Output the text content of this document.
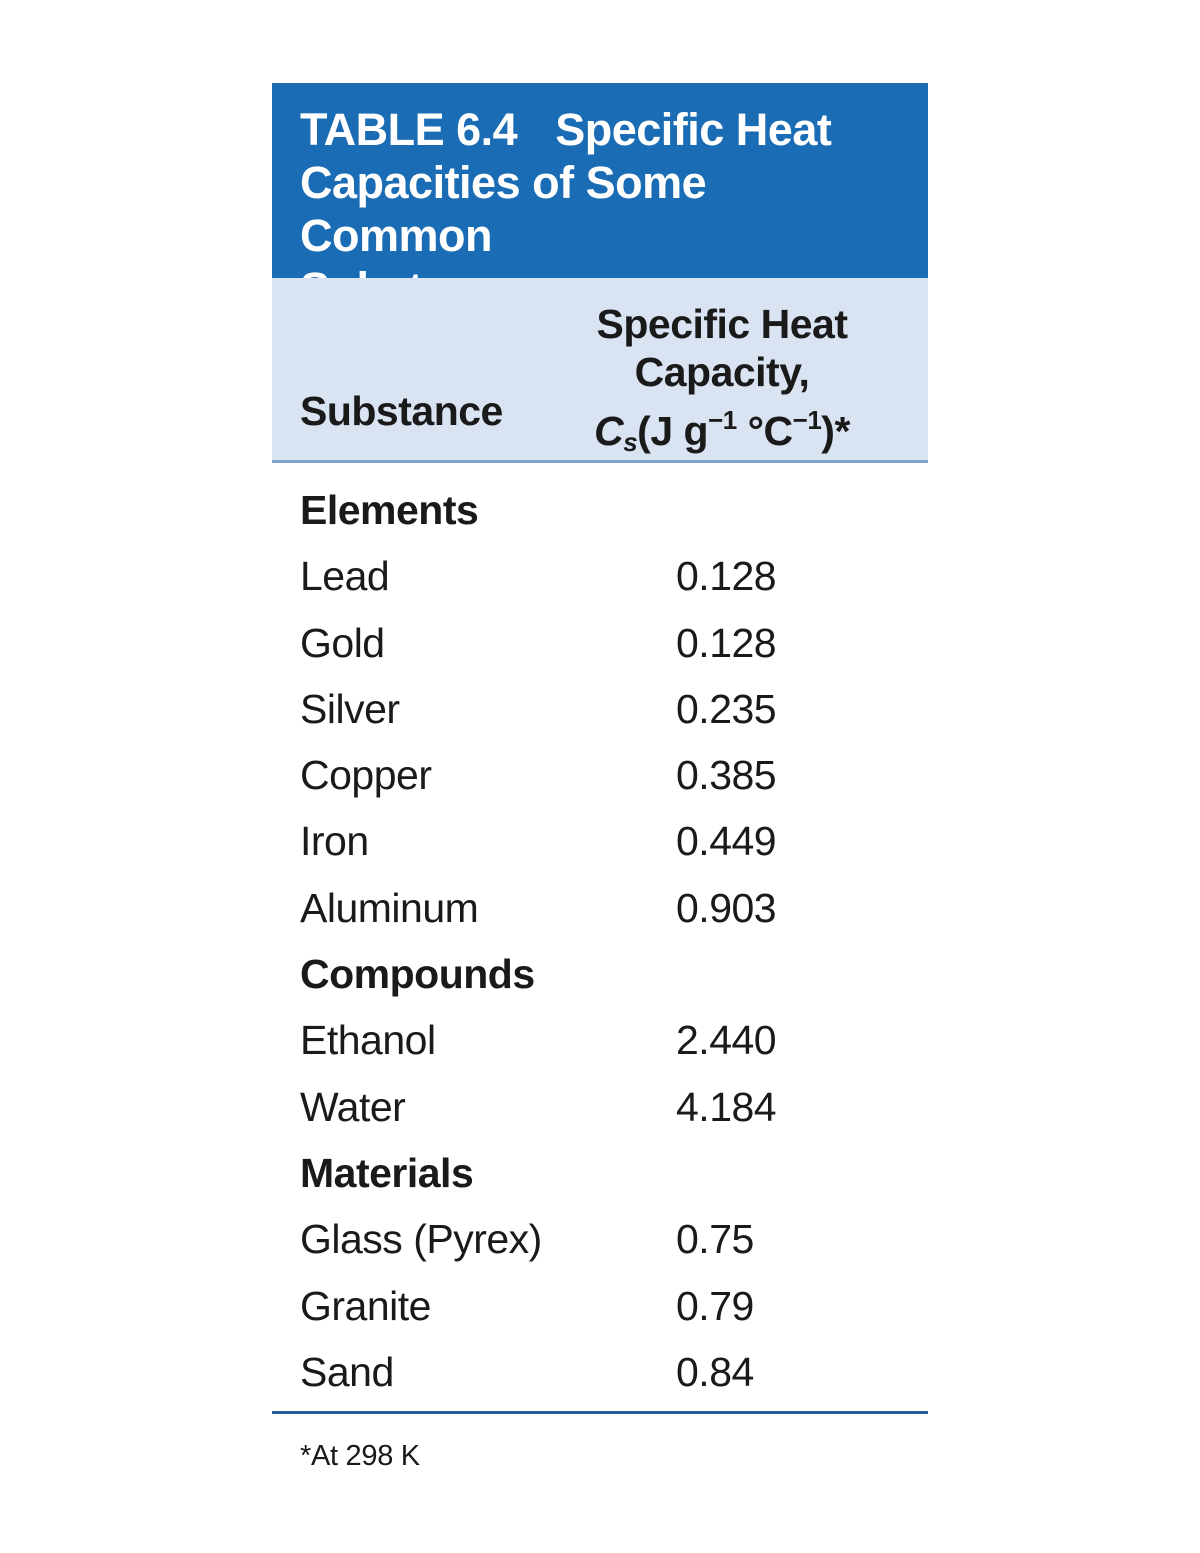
TABLE 6.4 Specific Heat
Capacities of Some Common
Substance
Specific Heat
Capacity,
$C_s(J$ $g^{-1}$ $^\circ C^{-1})*$
Elements
Lead	0.128
Gold	0.128
Silver	0.235
Copper	0.385
Iron	0.449
Aluminum	0.903
Compounds
Ethanol	2.440
Water	4.184
Materials
Glass (Pyrex)	0.75
Granite	0.79
Sand	0.84
*At 298 K
